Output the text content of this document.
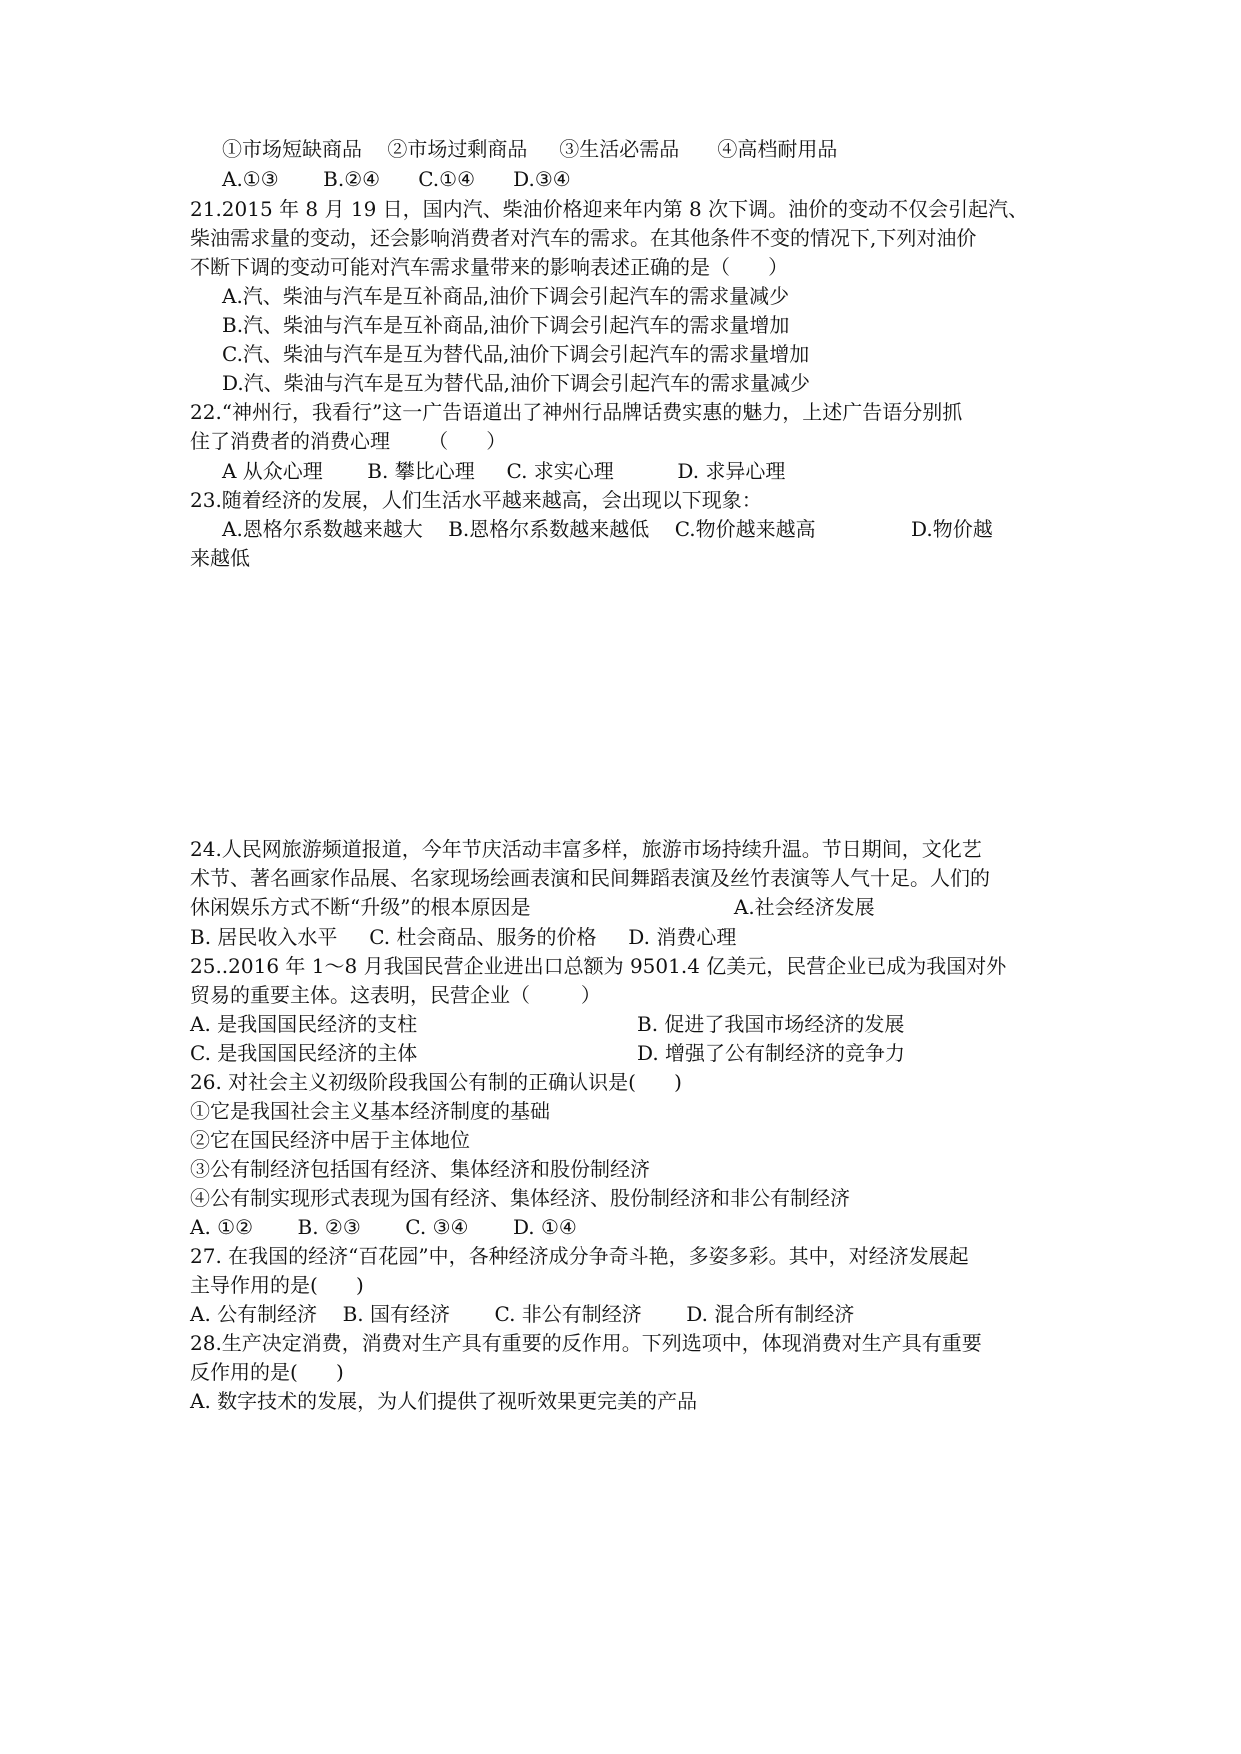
①市场短缺商品    ②市场过剩商品     ③生活必需品      ④高档耐用品
A.①③       B.②④      C.①④      D.③④
21.2015 年 8 月 19 日，国内汽、柴油价格迎来年内第 8 次下调。油价的变动不仅会引起汽、
柴油需求量的变动，还会影响消费者对汽车的需求。在其他条件不变的情况下,下列对油价
不断下调的变动可能对汽车需求量带来的影响表述正确的是（      ）
A.汽、柴油与汽车是互补商品,油价下调会引起汽车的需求量减少
B.汽、柴油与汽车是互补商品,油价下调会引起汽车的需求量增加
C.汽、柴油与汽车是互为替代品,油价下调会引起汽车的需求量增加
D.汽、柴油与汽车是互为替代品,油价下调会引起汽车的需求量减少
22.“神州行，我看行”这一广告语道出了神州行品牌话费实惠的魅力，上述广告语分别抓
住了消费者的消费心理      （      ）
A 从众心理       B. 攀比心理     C. 求实心理          D. 求异心理
23.随着经济的发展，人们生活水平越来越高，会出现以下现象：
A.恩格尔系数越来越大    B.恩格尔系数越来越低    C.物价越来越高               D.物价越
来越低
24.人民网旅游频道报道，今年节庆活动丰富多样，旅游市场持续升温。节日期间，文化艺
术节、著名画家作品展、名家现场绘画表演和民间舞蹈表演及丝竹表演等人气十足。人们的
休闲娱乐方式不断“升级”的根本原因是                                A.社会经济发展
B. 居民收入水平     C. 杜会商品、服务的价格     D. 消费心理
25..2016 年 1～8 月我国民营企业进出口总额为 9501.4 亿美元，民营企业已成为我国对外
贸易的重要主体。这表明，民营企业（        ）
A. 是我国国民经济的支柱	B. 促进了我国市场经济的发展
C. 是我国国民经济的主体	D. 增强了公有制经济的竞争力
26. 对社会主义初级阶段我国公有制的正确认识是(      )
①它是我国社会主义基本经济制度的基础
②它在国民经济中居于主体地位
③公有制经济包括国有经济、集体经济和股份制经济
④公有制实现形式表现为国有经济、集体经济、股份制经济和非公有制经济
A. ①②       B. ②③       C. ③④       D. ①④
27. 在我国的经济“百花园”中，各种经济成分争奇斗艳，多姿多彩。其中，对经济发展起
主导作用的是(      )
A. 公有制经济    B. 国有经济       C. 非公有制经济       D. 混合所有制经济
28.生产决定消费，消费对生产具有重要的反作用。下列选项中，体现消费对生产具有重要
反作用的是(      )
A. 数字技术的发展，为人们提供了视听效果更完美的产品
